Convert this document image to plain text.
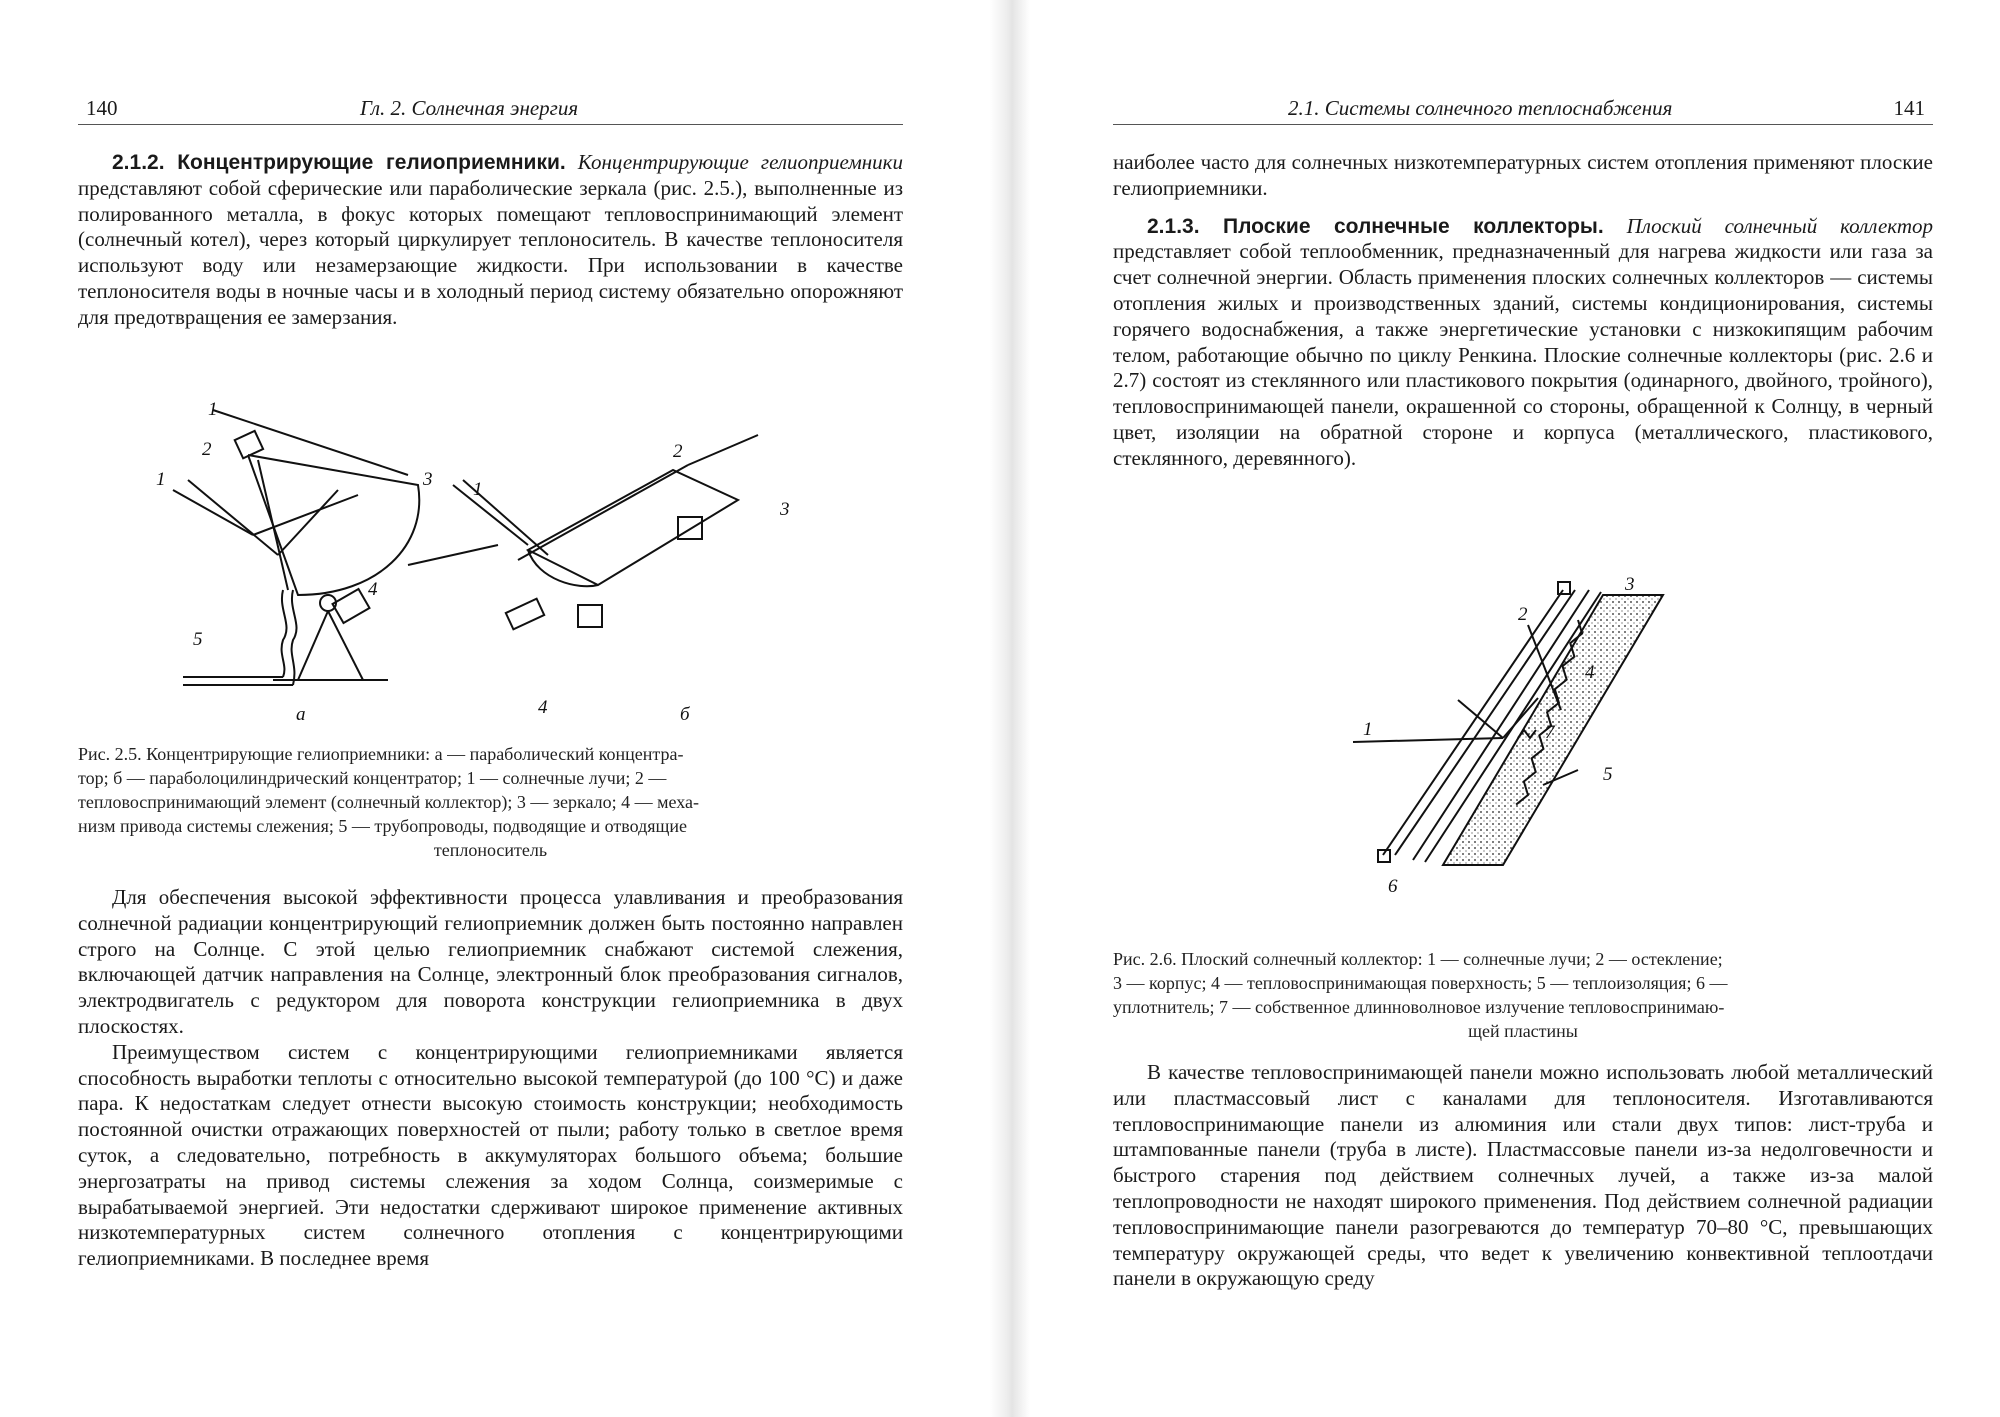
140	Гл. 2. Солнечная энергия

2.1.2. Концентрирующие гелиоприемники. Концентрирующие гелиоприемники представляют собой сферические или параболические зеркала (рис. 2.5.), выполненные из полированного металла, в фокус которых помещают тепловоспринимающий элемент (солнечный котел), через который циркулирует теплоноситель. В качестве теплоносителя используют воду или незамерзающие жидкости. При использовании в качестве теплоносителя воды в ночные часы и в холодный период систему обязательно опорожняют для предотвращения ее замерзания.

1
2
3
4
5
1	1
2
3
4
а	б
Рис. 2.5. Концентрирующие гелиоприемники: а — параболический концентра-
тор; б — параболоцилиндрический концентратор; 1 — солнечные лучи; 2 —
тепловоспринимающий элемент (солнечный коллектор); 3 — зеркало; 4 — меха-
низм привода системы слежения; 5 — трубопроводы, подводящие и отводящие
теплоноситель

Для обеспечения высокой эффективности процесса улавливания и преобразования солнечной радиации концентрирующий гелиоприемник должен быть постоянно направлен строго на Солнце. С этой целью гелиоприемник снабжают системой слежения, включающей датчик направления на Солнце, электронный блок преобразования сигналов, электродвигатель с редуктором для поворота конструкции гелиоприемника в двух плоскостях.

Преимуществом систем с концентрирующими гелиоприемниками является способность выработки теплоты с относительно высокой температурой (до 100 °C) и даже пара. К недостаткам следует отнести высокую стоимость конструкции; необходимость постоянной очистки отражающих поверхностей от пыли; работу только в светлое время суток, а следовательно, потребность в аккумуляторах большого объема; большие энергозатраты на привод системы слежения за ходом Солнца, соизмеримые с вырабатываемой энергией. Эти недостатки сдерживают широкое применение активных низкотемпературных систем солнечного отопления с концентрирующими гелиоприемниками. В последнее время

2.1. Системы солнечного теплоснабжения	141

наиболее часто для солнечных низкотемпературных систем отопления применяют плоские гелиоприемники.

2.1.3. Плоские солнечные коллекторы. Плоский солнечный коллектор представляет собой теплообменник, предназначенный для нагрева жидкости или газа за счет солнечной энергии. Область применения плоских солнечных коллекторов — системы отопления жилых и производственных зданий, системы кондиционирования, системы горячего водоснабжения, а также энергетические установки с низкокипящим рабочим телом, работающие обычно по циклу Ренкина. Плоские солнечные коллекторы (рис. 2.6 и 2.7) состоят из стеклянного или пластикового покрытия (одинарного, двойного, тройного), тепловоспринимающей панели, окрашенной со стороны, обращенной к Солнцу, в черный цвет, изоляции на обратной стороне и корпуса (металлического, пластикового, стеклянного, деревянного).

1
2
3
4
5
6
7
Рис. 2.6. Плоский солнечный коллектор: 1 — солнечные лучи; 2 — остекление;
3 — корпус; 4 — тепловоспринимающая поверхность; 5 — теплоизоляция; 6 —
уплотнитель; 7 — собственное длинноволновое излучение тепловоспринимаю-
щей пластины

В качестве тепловоспринимающей панели можно использовать любой металлический или пластмассовый лист с каналами для теплоносителя. Изготавливаются тепловоспринимающие панели из алюминия или стали двух типов: лист-труба и штампованные панели (труба в листе). Пластмассовые панели из-за недолговечности и быстрого старения под действием солнечных лучей, а также из-за малой теплопроводности не находят широкого применения. Под действием солнечной радиации тепловоспринимающие панели разогреваются до температур 70–80 °C, превышающих температуру окружающей среды, что ведет к увеличению конвективной теплоотдачи панели в окружающую среду
